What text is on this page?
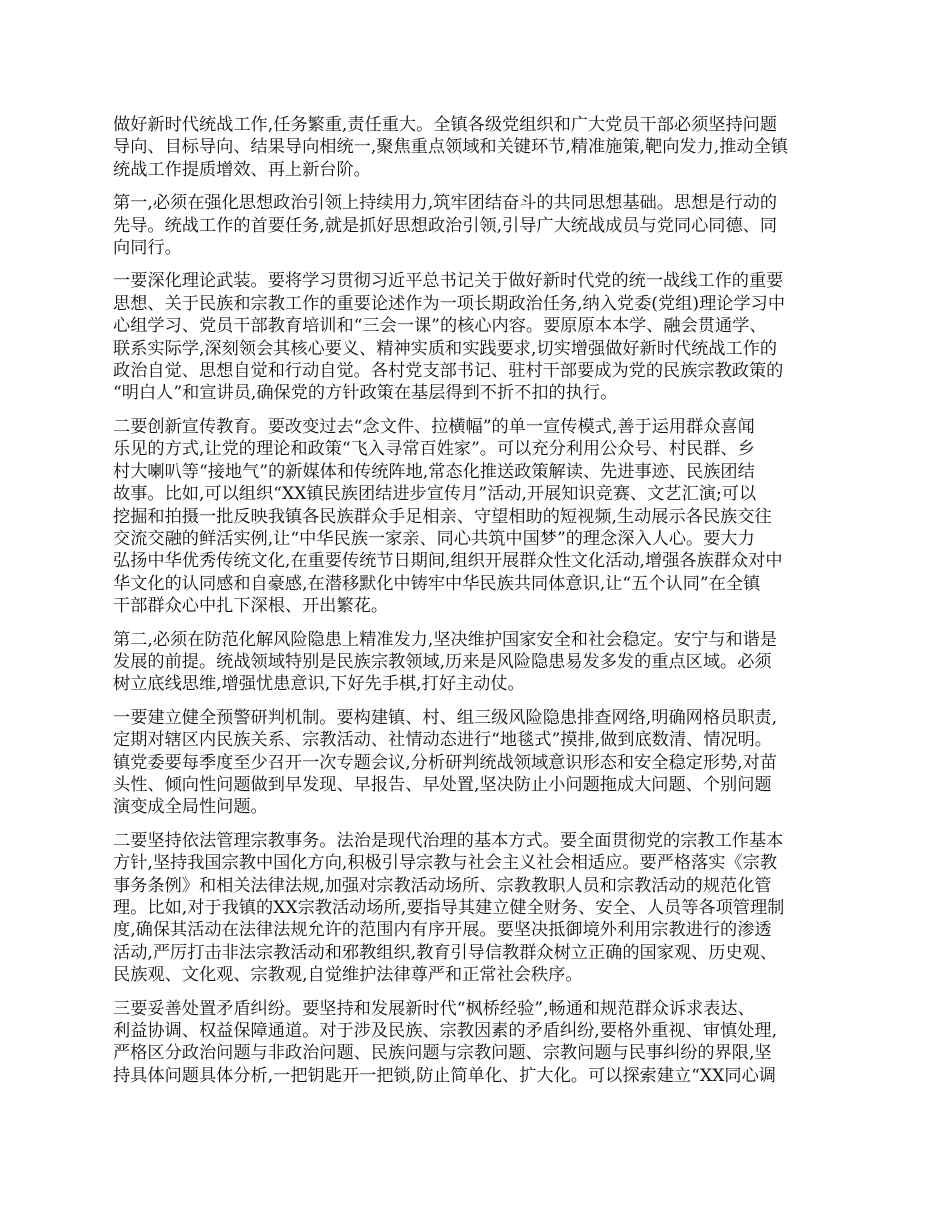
做好新时代统战工作,任务繁重,责任重大。全镇各级党组织和广大党员干部必须坚持问题
导向、目标导向、结果导向相统一,聚焦重点领域和关键环节,精准施策,靶向发力,推动全镇
统战工作提质增效、再上新台阶。

第一,必须在强化思想政治引领上持续用力,筑牢团结奋斗的共同思想基础。思想是行动的
先导。统战工作的首要任务,就是抓好思想政治引领,引导广大统战成员与党同心同德、同
向同行。

一要深化理论武装。要将学习贯彻习近平总书记关于做好新时代党的统一战线工作的重要
思想、关于民族和宗教工作的重要论述作为一项长期政治任务,纳入党委(党组)理论学习中
心组学习、党员干部教育培训和“三会一课”的核心内容。要原原本本学、融会贯通学、
联系实际学,深刻领会其核心要义、精神实质和实践要求,切实增强做好新时代统战工作的
政治自觉、思想自觉和行动自觉。各村党支部书记、驻村干部要成为党的民族宗教政策的
“明白人”和宣讲员,确保党的方针政策在基层得到不折不扣的执行。

二要创新宣传教育。要改变过去“念文件、拉横幅”的单一宣传模式,善于运用群众喜闻
乐见的方式,让党的理论和政策“飞入寻常百姓家”。可以充分利用公众号、村民群、乡
村大喇叭等“接地气”的新媒体和传统阵地,常态化推送政策解读、先进事迹、民族团结
故事。比如,可以组织“XX镇民族团结进步宣传月”活动,开展知识竞赛、文艺汇演;可以
挖掘和拍摄一批反映我镇各民族群众手足相亲、守望相助的短视频,生动展示各民族交往
交流交融的鲜活实例,让“中华民族一家亲、同心共筑中国梦”的理念深入人心。要大力
弘扬中华优秀传统文化,在重要传统节日期间,组织开展群众性文化活动,增强各族群众对中
华文化的认同感和自豪感,在潜移默化中铸牢中华民族共同体意识,让“五个认同”在全镇
干部群众心中扎下深根、开出繁花。

第二,必须在防范化解风险隐患上精准发力,坚决维护国家安全和社会稳定。安宁与和谐是
发展的前提。统战领域特别是民族宗教领域,历来是风险隐患易发多发的重点区域。必须
树立底线思维,增强忧患意识,下好先手棋,打好主动仗。

一要建立健全预警研判机制。要构建镇、村、组三级风险隐患排查网络,明确网格员职责,
定期对辖区内民族关系、宗教活动、社情动态进行“地毯式”摸排,做到底数清、情况明。
镇党委要每季度至少召开一次专题会议,分析研判统战领域意识形态和安全稳定形势,对苗
头性、倾向性问题做到早发现、早报告、早处置,坚决防止小问题拖成大问题、个别问题
演变成全局性问题。

二要坚持依法管理宗教事务。法治是现代治理的基本方式。要全面贯彻党的宗教工作基本
方针,坚持我国宗教中国化方向,积极引导宗教与社会主义社会相适应。要严格落实《宗教
事务条例》和相关法律法规,加强对宗教活动场所、宗教教职人员和宗教活动的规范化管
理。比如,对于我镇的XX宗教活动场所,要指导其建立健全财务、安全、人员等各项管理制
度,确保其活动在法律法规允许的范围内有序开展。要坚决抵御境外利用宗教进行的渗透
活动,严厉打击非法宗教活动和邪教组织,教育引导信教群众树立正确的国家观、历史观、
民族观、文化观、宗教观,自觉维护法律尊严和正常社会秩序。

三要妥善处置矛盾纠纷。要坚持和发展新时代“枫桥经验”,畅通和规范群众诉求表达、
利益协调、权益保障通道。对于涉及民族、宗教因素的矛盾纠纷,要格外重视、审慎处理,
严格区分政治问题与非政治问题、民族问题与宗教问题、宗教问题与民事纠纷的界限,坚
持具体问题具体分析,一把钥匙开一把锁,防止简单化、扩大化。可以探索建立“XX同心调
